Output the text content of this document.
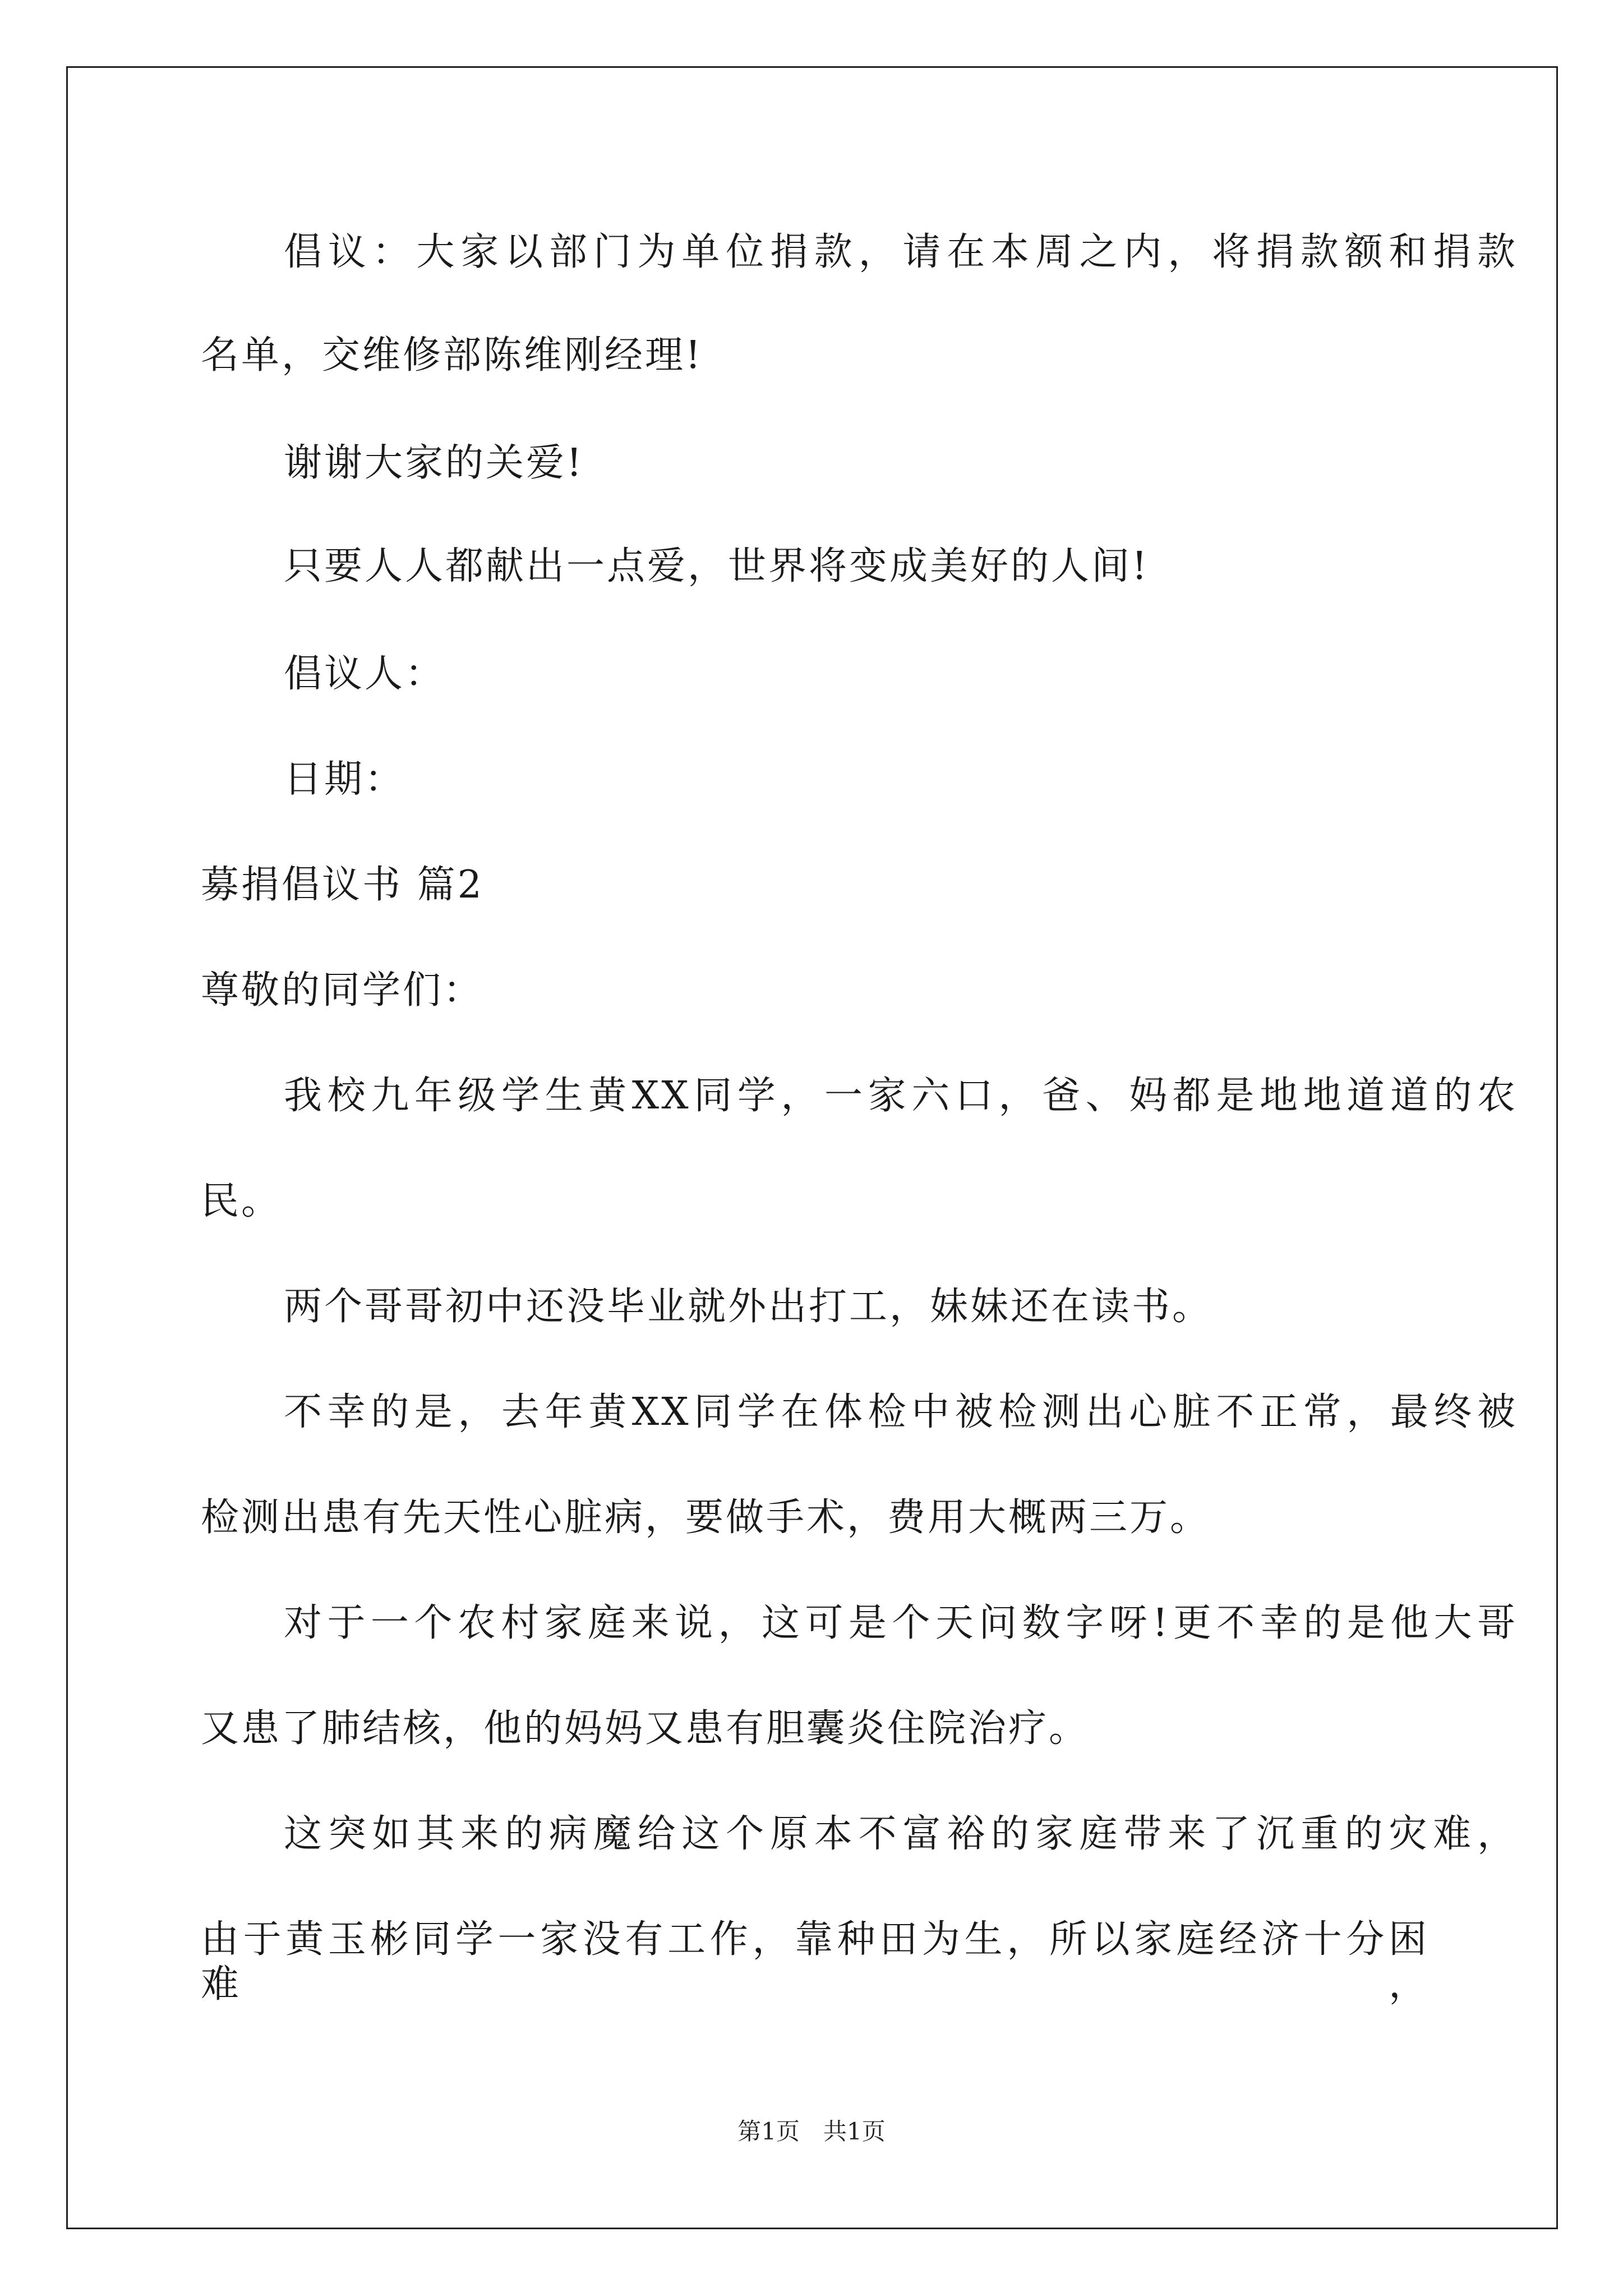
倡议：大家以部门为单位捐款，请在本周之内，将捐款额和捐款
名单，交维修部陈维刚经理!
谢谢大家的关爱!
只要人人都献出一点爱，世界将变成美好的人间!
倡议人：
日期：
募捐倡议书 篇2
尊敬的同学们：
我校九年级学生黄XX同学，一家六口，爸、妈都是地地道道的农
民。
两个哥哥初中还没毕业就外出打工，妹妹还在读书。
不幸的是，去年黄XX同学在体检中被检测出心脏不正常，最终被
检测出患有先天性心脏病，要做手术，费用大概两三万。
对于一个农村家庭来说，这可是个天问数字呀!更不幸的是他大哥
又患了肺结核，他的妈妈又患有胆囊炎住院治疗。
这突如其来的病魔给这个原本不富裕的家庭带来了沉重的灾难，
由于黄玉彬同学一家没有工作，靠种田为生，所以家庭经济十分困难，
第1页　共1页
